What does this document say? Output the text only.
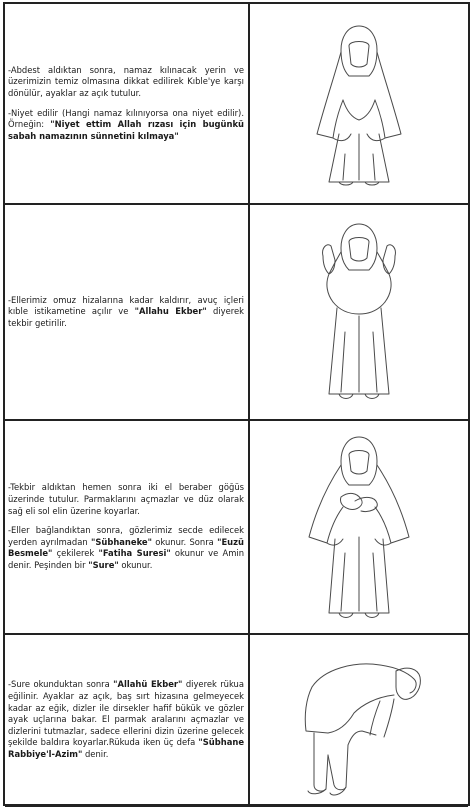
-Abdest aldıktan sonra, namaz kılınacak yerin ve üzerimizin temiz olmasına dikkat edilirek Kıble'ye karşı dönülür, ayaklar az açık tutulur.

-Niyet edilir (Hangi namaz kılınıyorsa ona niyet edilir). Örneğin: "Niyet ettim Allah rızası için bugünkü sabah namazının sünnetini kılmaya"

-Ellerimiz omuz hizalarına kadar kaldırır, avuç içleri kıble istikametine açılır ve "Allahu Ekber" diyerek tekbir getirilir.

-Tekbir aldıktan hemen sonra iki el beraber göğüs üzerinde tutulur. Parmaklarını açmazlar ve düz olarak sağ eli sol elin üzerine koyarlar.

-Eller bağlandıktan sonra, gözlerimiz secde edilecek yerden ayrılmadan "Sübhaneke" okunur. Sonra "Euzü Besmele" çekilerek "Fatiha Suresi" okunur ve Amin denir. Peşinden bir "Sure" okunur.

-Sure okunduktan sonra "Allahü Ekber" diyerek rükua eğilinir. Ayaklar az açık, baş sırt hizasına gelmeyecek kadar az eğik, dizler ile dirsekler hafif bükük ve gözler ayak uçlarına bakar. El parmak aralarını açmazlar ve dizlerini tutmazlar, sadece ellerini dizin üzerine gelecek şekilde baldıra koyarlar.Rükuda iken üç defa "Sübhane Rabbiye'l-Azim" denir.
